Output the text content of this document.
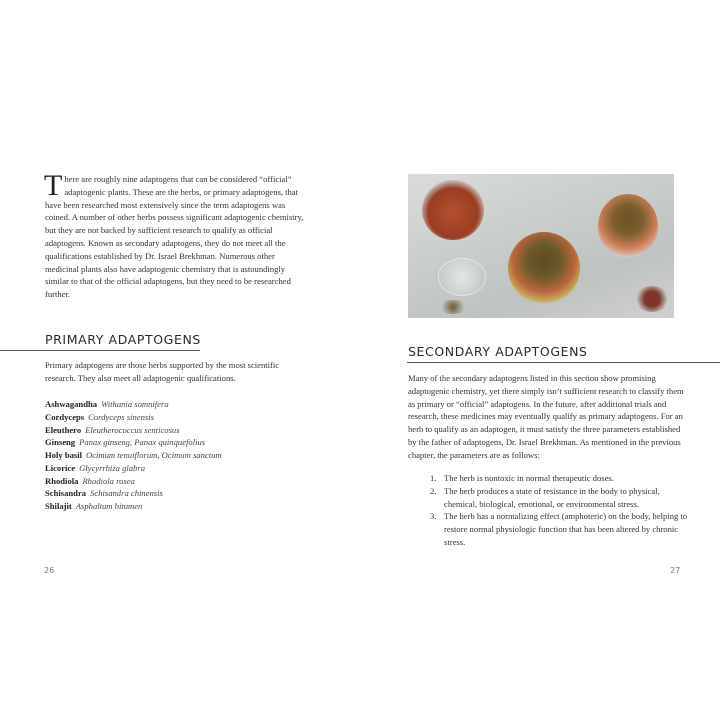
There are roughly nine adaptogens that can be considered “official” adaptogenic plants. These are the herbs, or primary adaptogens, that have been researched most extensively since the term adaptogens was coined. A number of other herbs possess significant adaptogenic chemistry, but they are not backed by sufficient research to qualify as official adaptogens. Known as secondary adaptogens, they do not meet all the qualifications established by Dr. Israel Brekhman. Numerous other medicinal plants also have adaptogenic chemistry that is astoundingly similar to that of the official adaptogens, but they need to be researched further.
PRIMARY ADAPTOGENS
Primary adaptogens are those herbs supported by the most scientific research. They also meet all adaptogenic qualifications.
Ashwagandha Withania somnifera
Cordyceps Cordyceps sinensis
Eleuthero Eleutherococcus senticosus
Ginseng Panax ginseng, Panax quinquefolius
Holy basil Ocimum tenuiflorum, Ocimum sanctum
Licorice Glycyrrhiza glabra
Rhodiola Rhodiola rosea
Schisandra Schisandra chinensis
Shilajit Asphaltum bitumen
26
SECONDARY ADAPTOGENS
Many of the secondary adaptogens listed in this section show promising adaptogenic chemistry, yet there simply isn’t sufficient research to classify them as primary or “official” adaptogens. In the future, after additional trials and research, these medicines may eventually qualify as primary adaptogens. For an herb to qualify as an adaptogen, it must satisfy the three parameters established by the father of adaptogens, Dr. Israel Brekhman. As mentioned in the previous chapter, the parameters are as follows:
1. The herb is nontoxic in normal therapeutic doses.
2. The herb produces a state of resistance in the body to physical, chemical, biological, emotional, or environmental stress.
3. The herb has a normalizing effect (amphoteric) on the body, helping to restore normal physiologic function that has been altered by chronic stress.
27
